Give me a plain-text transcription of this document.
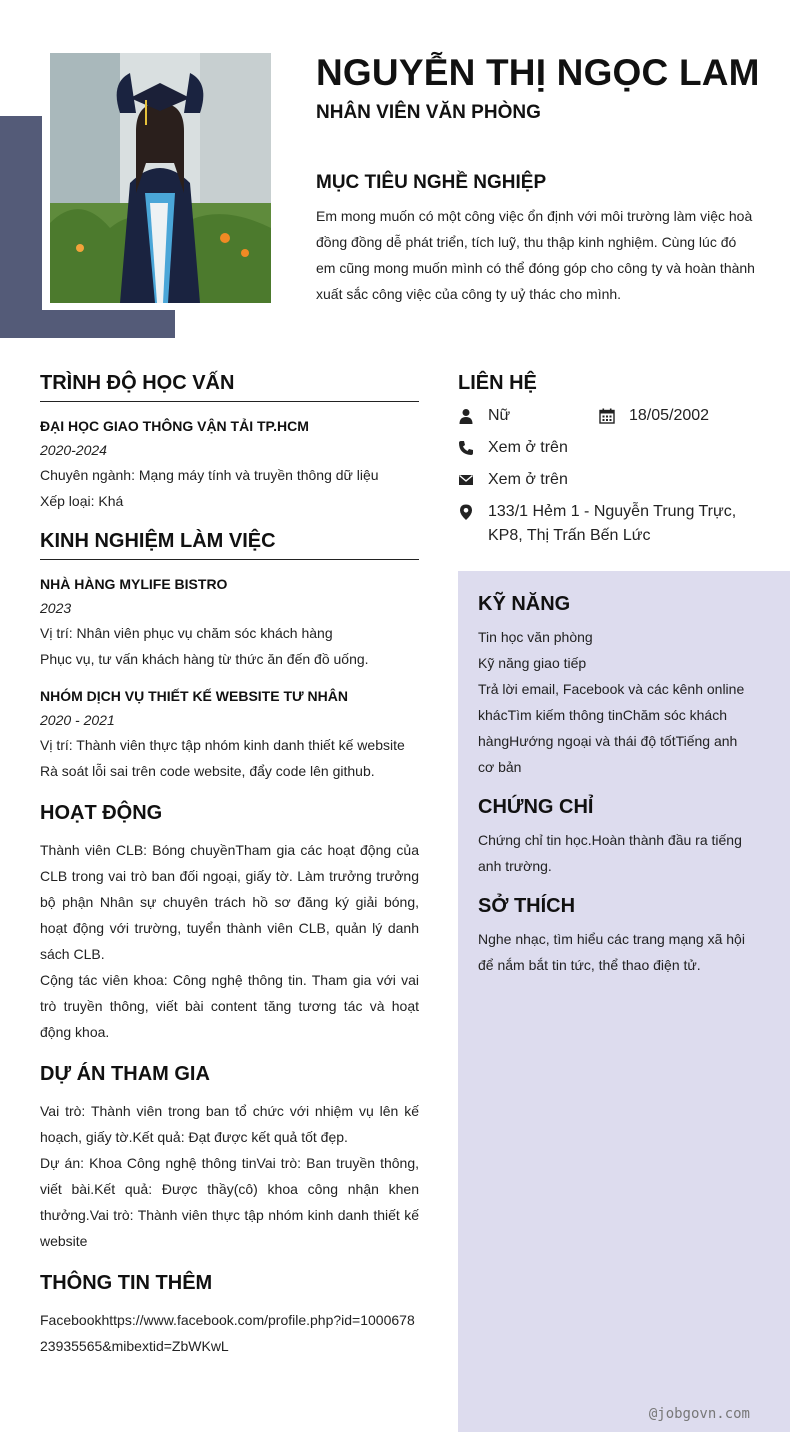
NGUYỄN THỊ NGỌC LAM
NHÂN VIÊN VĂN PHÒNG
MỤC TIÊU NGHỀ NGHIỆP
Em mong muốn có một công việc ổn định với môi trường làm việc hoà đồng đồng dễ phát triển, tích luỹ, thu thập kinh nghiệm. Cùng lúc đó em cũng mong muốn mình có thể đóng góp cho công ty và hoàn thành xuất sắc công việc của công ty uỷ thác cho mình.
TRÌNH ĐỘ HỌC VẤN
ĐẠI HỌC GIAO THÔNG VẬN TẢI TP.HCM
2020-2024
Chuyên ngành: Mạng máy tính và truyền thông dữ liệu
Xếp loại: Khá
KINH NGHIỆM LÀM VIỆC
NHÀ HÀNG MYLIFE BISTRO
2023
Vị trí: Nhân viên phục vụ chăm sóc khách hàng
Phục vụ, tư vấn khách hàng từ thức ăn đến đồ uống.
NHÓM DỊCH VỤ THIẾT KẾ WEBSITE TƯ NHÂN
2020 - 2021
Vị trí: Thành viên thực tập nhóm kinh danh thiết kế website
Rà soát lỗi sai trên code website, đẩy code lên github.
HOẠT ĐỘNG
Thành viên CLB: Bóng chuyềnTham gia các hoạt động của CLB trong vai trò ban đối ngoại, giấy tờ. Làm trưởng trưởng bộ phận Nhân sự chuyên trách hồ sơ đăng ký giải bóng, hoạt động với trường, tuyển thành viên CLB, quản lý danh sách CLB.
Cộng tác viên khoa: Công nghệ thông tin. Tham gia với vai trò truyền thông, viết bài content tăng tương tác và hoạt động khoa.
DỰ ÁN THAM GIA
Vai trò: Thành viên trong ban tổ chức với nhiệm vụ lên kế hoạch, giấy tờ.Kết quả: Đạt được kết quả tốt đẹp.
Dự án: Khoa Công nghệ thông tinVai trò: Ban truyền thông, viết bài.Kết quả: Được thầy(cô) khoa công nhận khen thưởng.Vai trò: Thành viên thực tập nhóm kinh danh thiết kế website
THÔNG TIN THÊM
Facebookhttps://www.facebook.com/profile.php?id=100067823935565&mibextid=ZbWKwL
LIÊN HỆ
Nữ	18/05/2002
Xem ở trên
Xem ở trên
133/1 Hẻm 1 - Nguyễn Trung Trực,
KP8, Thị Trấn Bến Lức
KỸ NĂNG
Tin học văn phòng
Kỹ năng giao tiếp
Trả lời email, Facebook và các kênh online khácTìm kiếm thông tinChăm sóc khách hàngHướng ngoại và thái độ tốtTiếng anh cơ bản
CHỨNG CHỈ
Chứng chỉ tin học.Hoàn thành đầu ra tiếng anh trường.
SỞ THÍCH
Nghe nhạc, tìm hiểu các trang mạng xã hội để nắm bắt tin tức, thể thao điện tử.
@jobgovn.com
